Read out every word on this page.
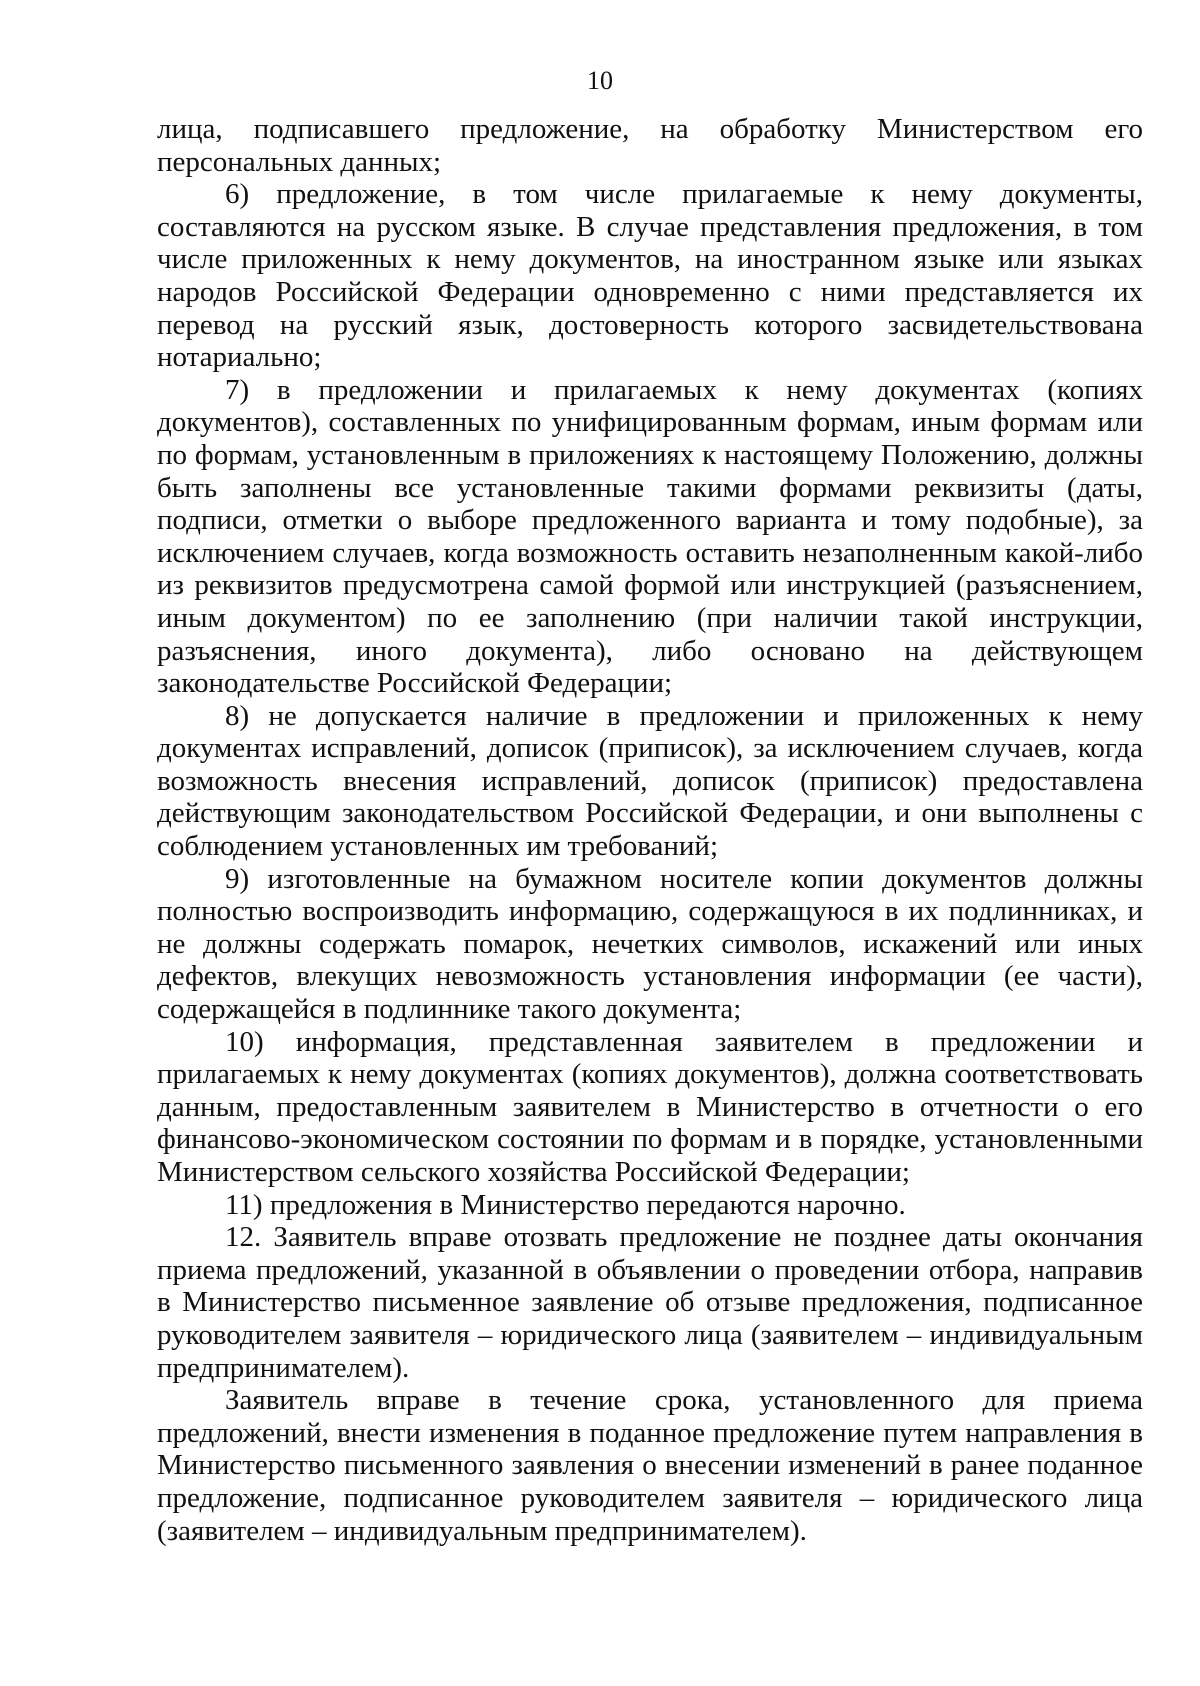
10

лица, подписавшего предложение, на обработку Министерством его персональных данных;

6) предложение, в том числе прилагаемые к нему документы, составляются на русском языке. В случае представления предложения, в том числе приложенных к нему документов, на иностранном языке или языках народов Российской Федерации одновременно с ними представляется их перевод на русский язык, достоверность которого засвидетельствована нотариально;

7) в предложении и прилагаемых к нему документах (копиях документов), составленных по унифицированным формам, иным формам или по формам, установленным в приложениях к настоящему Положению, должны быть заполнены все установленные такими формами реквизиты (даты, подписи, отметки о выборе предложенного варианта и тому подобные), за исключением случаев, когда возможность оставить незаполненным какой-либо из реквизитов предусмотрена самой формой или инструкцией (разъяснением, иным документом) по ее заполнению (при наличии такой инструкции, разъяснения, иного документа), либо основано на действующем законодательстве Российской Федерации;

8) не допускается наличие в предложении и приложенных к нему документах исправлений, дописок (приписок), за исключением случаев, когда возможность внесения исправлений, дописок (приписок) предоставлена действующим законодательством Российской Федерации, и они выполнены с соблюдением установленных им требований;

9) изготовленные на бумажном носителе копии документов должны полностью воспроизводить информацию, содержащуюся в их подлинниках, и не должны содержать помарок, нечетких символов, искажений или иных дефектов, влекущих невозможность установления информации (ее части), содержащейся в подлиннике такого документа;

10) информация, представленная заявителем в предложении и прилагаемых к нему документах (копиях документов), должна соответствовать данным, предоставленным заявителем в Министерство в отчетности о его финансово-экономическом состоянии по формам и в порядке, установленными Министерством сельского хозяйства Российской Федерации;

11) предложения в Министерство передаются нарочно.

12. Заявитель вправе отозвать предложение не позднее даты окончания приема предложений, указанной в объявлении о проведении отбора, направив в Министерство письменное заявление об отзыве предложения, подписанное руководителем заявителя – юридического лица (заявителем – индивидуальным предпринимателем).

Заявитель вправе в течение срока, установленного для приема предложений, внести изменения в поданное предложение путем направления в Министерство письменного заявления о внесении изменений в ранее поданное предложение, подписанное руководителем заявителя – юридического лица (заявителем – индивидуальным предпринимателем).
